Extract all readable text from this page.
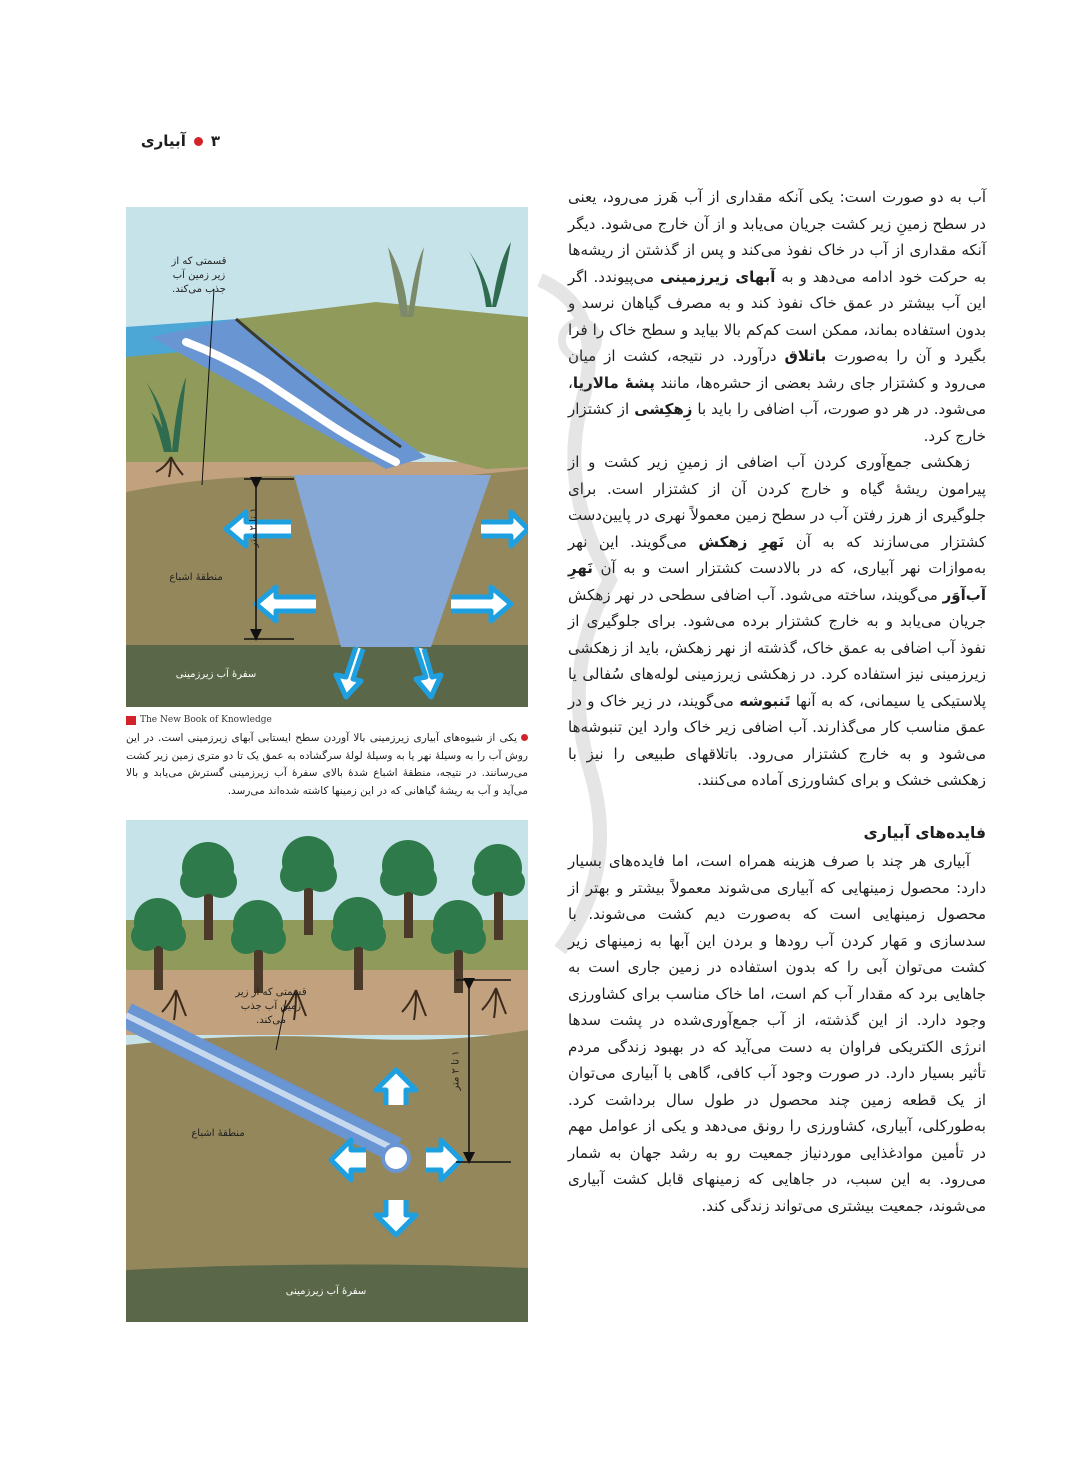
آبیاری ۳

آب به دو صورت است: یکی آنکه مقداری از آب هَرز می‌رود، یعنی در سطح زمینِ زیر کشت جریان می‌یابد و از آن خارج می‌شود. دیگر آنکه مقداری از آب در خاک نفوذ می‌کند و پس از گذشتن از ریشه‌ها به حرکت خود ادامه می‌دهد و به آبهای زیرزمینی می‌پیوندد. اگر این آب بیشتر در عمق خاک نفوذ کند و به مصرف گیاهان نرسد و بدون استفاده بماند، ممکن است کم‌کم بالا بیاید و سطح خاک را فرا بگیرد و آن را به‌صورت باتلاق درآورد. در نتیجه، کشت از میان می‌رود و کشتزار جای رشد بعضی از حشره‌ها، مانند پشهٔ مالاریا، می‌شود. در هر دو صورت، آب اضافی را باید با زِهکِشی از کشتزار خارج کرد.

زهکشی جمع‌آوری کردن آب اضافی از زمینِ زیر کشت و از پیرامون ریشهٔ گیاه و خارج کردن آن از کشتزار است. برای جلوگیری از هرز رفتن آب در سطح زمین معمولاً نهری در پایین‌دست کشتزار می‌سازند که به آن نَهرِ زهکش می‌گویند. این نهر به‌موازات نهر آبیاری، که در بالادست کشتزار است و به آن نَهرِ آب‌آوَر می‌گویند، ساخته می‌شود. آب اضافی سطحی در نهر زهکش جریان می‌یابد و به خارج کشتزار برده می‌شود. برای جلوگیری از نفوذ آب اضافی به عمق خاک، گذشته از نهر زهکش، باید از زهکشی زیرزمینی نیز استفاده کرد. در زهکشی زیرزمینی لوله‌های سُفالی یا پلاستیکی یا سیمانی، که به آنها تَنبوشه می‌گویند، در زیر خاک و در عمق مناسب کار می‌گذارند. آب اضافی زیر خاک وارد این تنبوشه‌ها می‌شود و به خارج کشتزار می‌رود. باتلاقهای طبیعی را نیز با زهکشی خشک و برای کشاورزی آماده می‌کنند.

فایده‌های آبیاری

آبیاری هر چند با صرف هزینه همراه است، اما فایده‌های بسیار دارد: محصول زمینهایی که آبیاری می‌شوند معمولاً بیشتر و بهتر از محصول زمینهایی است که به‌صورت دیم کشت می‌شوند. با سدسازی و مَهار کردن آب رودها و بردن این آبها به زمینهای زیر کشت می‌توان آبی را که بدون استفاده در زمین جاری است به جاهایی برد که مقدار آب کم است، اما خاک مناسب برای کشاورزی وجود دارد. از این گذشته، از آب جمع‌آوری‌شده در پشت سدها انرژی الکتریکی فراوان به دست می‌آید که در بهبود زندگی مردم تأثیر بسیار دارد. در صورت وجود آب کافی، گاهی با آبیاری می‌توان از یک قطعه زمین چند محصول در طول سال برداشت کرد. به‌طورکلی، آبیاری، کشاورزی را رونق می‌دهد و یکی از عوامل مهم در تأمین موادغذایی مورد‌نیاز جمعیت رو به رشد جهان به شمار می‌رود. به این سبب، در جاهایی که زمینهای قابل کشت آبیاری می‌شوند، جمعیت بیشتری می‌تواند زندگی کند.

قسمتی که از زیر زمین آب جذب می‌کند.
۱ تا ۲ متر
منطقهٔ اشباع
سفرهٔ آب زیرزمینی
The New Book of Knowledge
یکی از شیوه‌های آبیاری زیرزمینی بالا آوردن سطح ایستابی آبهای زیرزمینی است. در این روش آب را به وسیلهٔ نهر یا به وسیلهٔ لولهٔ سرگشاده به عمق یک تا دو متری زمین زیر کشت می‌رسانند. در نتیجه، منطقهٔ اشباع شدهٔ بالای سفرهٔ آب زیرزمینی گسترش می‌یابد و بالا می‌آید و آب به ریشهٔ گیاهانی که در این زمینها کاشته شده‌اند می‌رسد.
قسمتی که از زیر زمین آب جذب می‌کند.
۱ تا ۲ متر
منطقهٔ اشباع
سفرهٔ آب زیرزمینی
